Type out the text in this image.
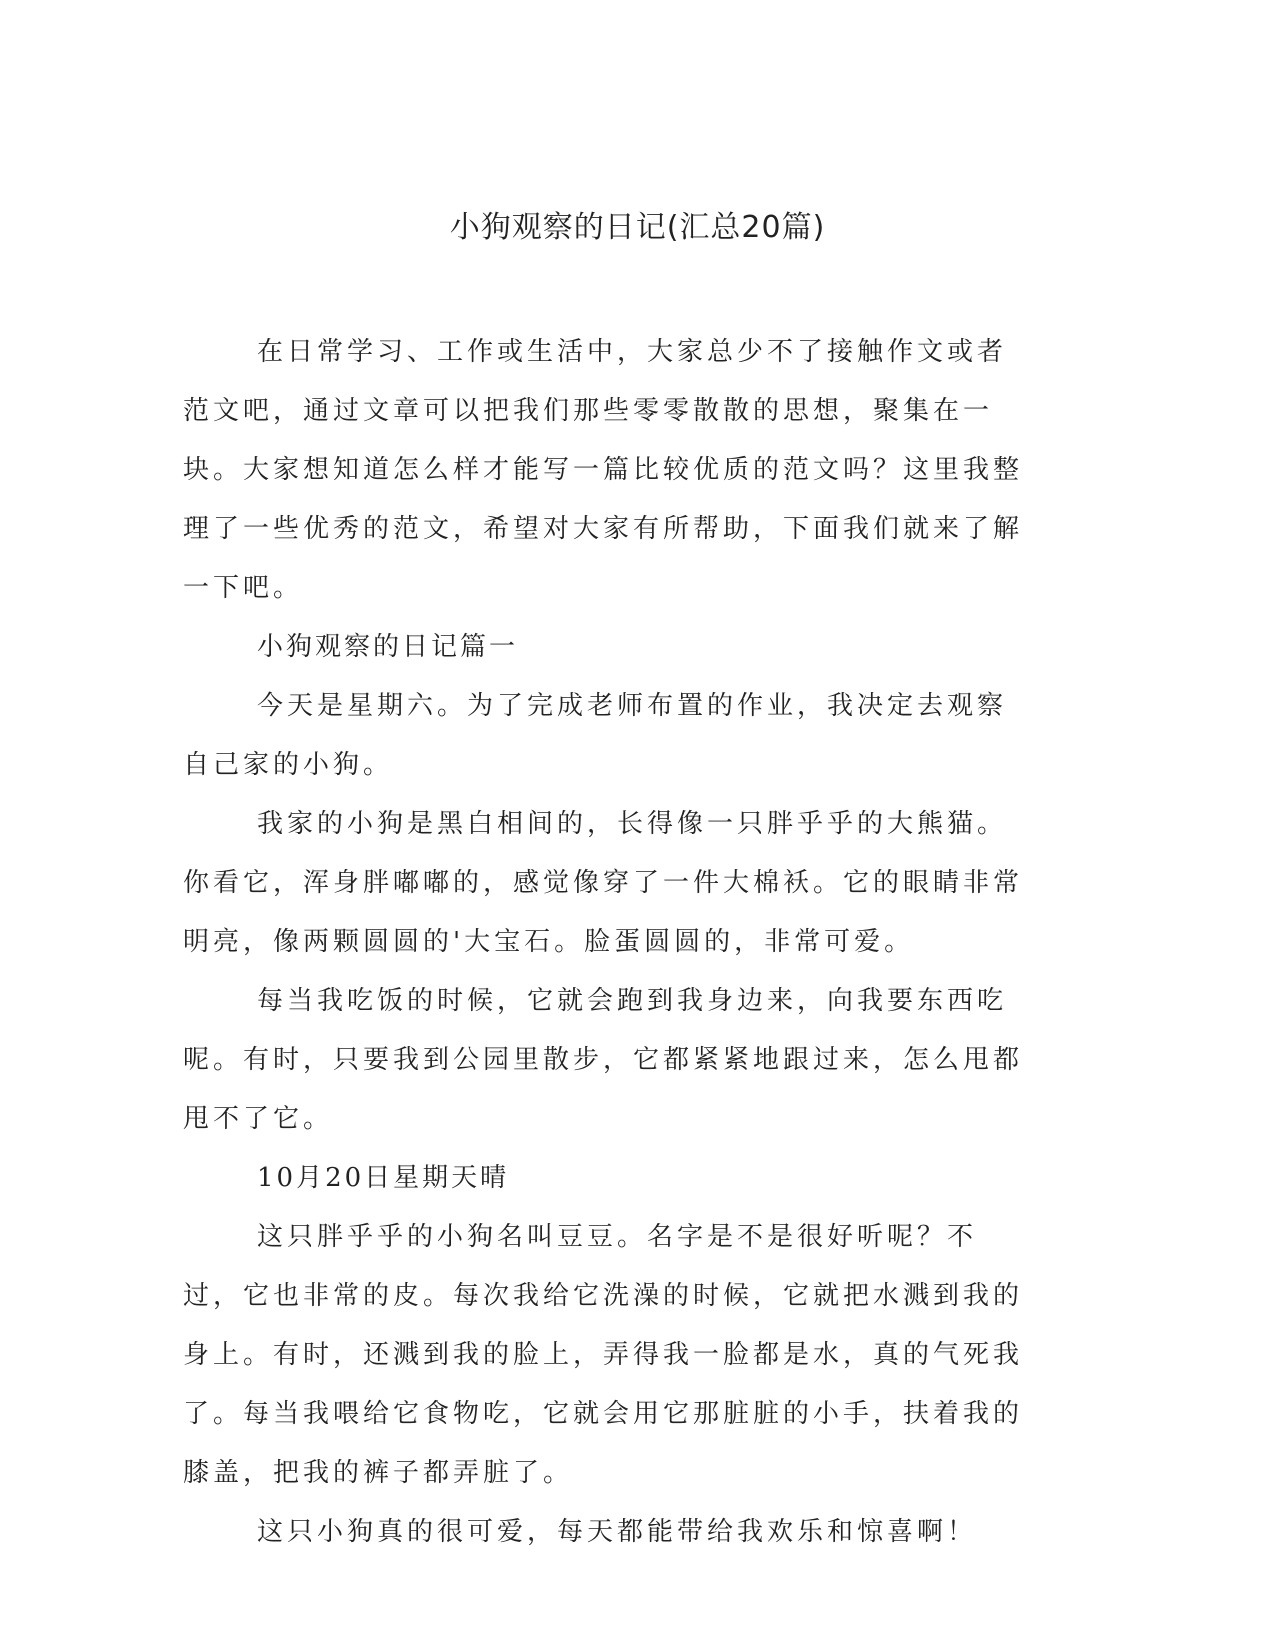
小狗观察的日记(汇总20篇)

在日常学习、工作或生活中，大家总少不了接触作文或者范文吧，通过文章可以把我们那些零零散散的思想，聚集在一块。大家想知道怎么样才能写一篇比较优质的范文吗？这里我整理了一些优秀的范文，希望对大家有所帮助，下面我们就来了解一下吧。

小狗观察的日记篇一

今天是星期六。为了完成老师布置的作业，我决定去观察自己家的小狗。

我家的小狗是黑白相间的，长得像一只胖乎乎的大熊猫。你看它，浑身胖嘟嘟的，感觉像穿了一件大棉袄。它的眼睛非常明亮，像两颗圆圆的'大宝石。脸蛋圆圆的，非常可爱。

每当我吃饭的时候，它就会跑到我身边来，向我要东西吃呢。有时，只要我到公园里散步，它都紧紧地跟过来，怎么甩都甩不了它。

10月20日星期天晴

这只胖乎乎的小狗名叫豆豆。名字是不是很好听呢？不过，它也非常的皮。每次我给它洗澡的时候，它就把水溅到我的身上。有时，还溅到我的脸上，弄得我一脸都是水，真的气死我了。每当我喂给它食物吃，它就会用它那脏脏的小手，扶着我的膝盖，把我的裤子都弄脏了。

这只小狗真的很可爱，每天都能带给我欢乐和惊喜啊！
